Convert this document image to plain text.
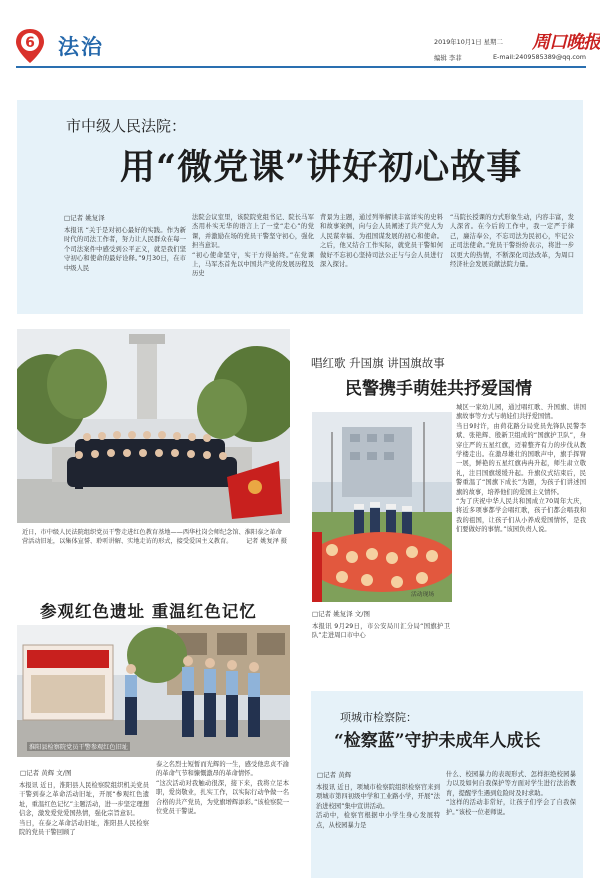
6 法治	2019年10月1日 星期二 周口晚报
编辑 李菲	E-mail:2409585389@qq.com
市中级人民法院：
用“微党课”讲好初心故事
□记者 姚复泽
本报讯 “关于是对初心最好的实践。作为新时代的司法工作者，努力让人民群众在每一个司法案件中感受到公平正义，就是我们坚守初心和使命的最好诠释。”9月30日，在市中级人民
法院会议室里，该院院党组书记、院长马军杰用朴实无华的语言上了一堂“走心”的党课，并激励在场的党员干警坚守初心，强化担当意识。
“初心使命坚守，实干方得始终。”在党课上，马军杰首先以中国共产党的发展历程及历史
背景为主题，通过列举解读丰富详实的史料和故事案例，向与会人员阐述了共产党人为人民谋幸福、为祖国谋发展的初心和使命。之后，他又结合工作实际，就党员干警如何做好不忘初心坚持司法公正与与会人员进行深入探讨。
“马院长授课的方式形象生动，内容丰富，发人深省。在今后的工作中，我一定严于律己，廉洁奉公，不忘司法为民初心，牢记公正司法使命。”党员干警纷纷表示，将进一步以更大的热情，不断深化司法改革，为周口经济社会发展贡献法院力量。
近日，市中级人民法院组织党员干警走进红色教育基地——西华杜岗会师纪念馆、淮阳泰之革命营活动旧址，以集体宣誓、聆听讲解、实地走访的形式，接受爱国主义教育。 记者 姚复泽 摄
唱红歌 升国旗 讲国旗故事
民警携手萌娃共抒爱国情
活动现场
□记者 姚复泽 文/图
本报讯 9月29日，市公安局川汇分局“国旗护卫队”走进周口市中心
城区一家幼儿园，通过唱红歌、升国旗、讲国旗故事等方式与萌娃们共抒爱国情。
当日9时许，由荷花路分局党员先锋队民警李斌、张艳辉、殷新卫组成的“国旗护卫队”，身穿庄严的五星红旗，迈着整齐有力的步伐从教学楼走出。在激昂雄壮的国歌声中，旗手挥臂一展，鲜艳的五星红旗冉冉升起，师生肃立敬礼，注目国旗缓缓升起。升旗仪式结束后，民警重温了“国旗下成长”为题，为孩子们讲述国旗的故事，培养他们的爱国主义情怀。
“为了庆祝中华人民共和国成立70周年大庆，将近多项事都学会唱红歌，孩子们都会唱我和我的祖国，让孩子们从小养成爱国情怀，是我们要做好的事情。”该园负责人说。
参观红色遗址 重温红色记忆
淮阳县检察院党员干警参观红色旧址
□记者 黄辉 文/图
本报讯 近日，淮阳县人民检察院组织机关党员干警到泰之革命活动旧址，开展“参观红色遗址，重温红色记忆”主题活动，进一步坚定理想信念，激发爱党爱国热情，强化宗旨意识。
当日，在泰之革命活动旧址，淮阳县人民检察院的党员干警回顾了
泰之名烈士短暂而光辉的一生，感受他忠贞不渝的革命气节和慷慨激昂的革命情怀。
“这次活动对我触动很深，接下来，我将立足本职，爱岗敬业，扎实工作，以实际行动争做一名合格的共产党员，为党旗增辉添彩。”该检察院一位党员干警说。
项城市检察院：
“检察蓝”守护未成年人成长
□记者 黄辉
本报讯 近日，项城市检察院组织检察官来到项城市第四初级中学和工业路小学，开展“法治进校园”集中宣讲活动。
活动中，检察官根据中小学生身心发展特点，从校园暴力是
什么、校园暴力的表现形式、怎样拒绝校园暴力以及如何自我保护等方面对学生进行法治教育，提醒学生遇到危险时及时求助。
“这样的活动非常好，让孩子们学会了自我保护。”该校一位老师说。
